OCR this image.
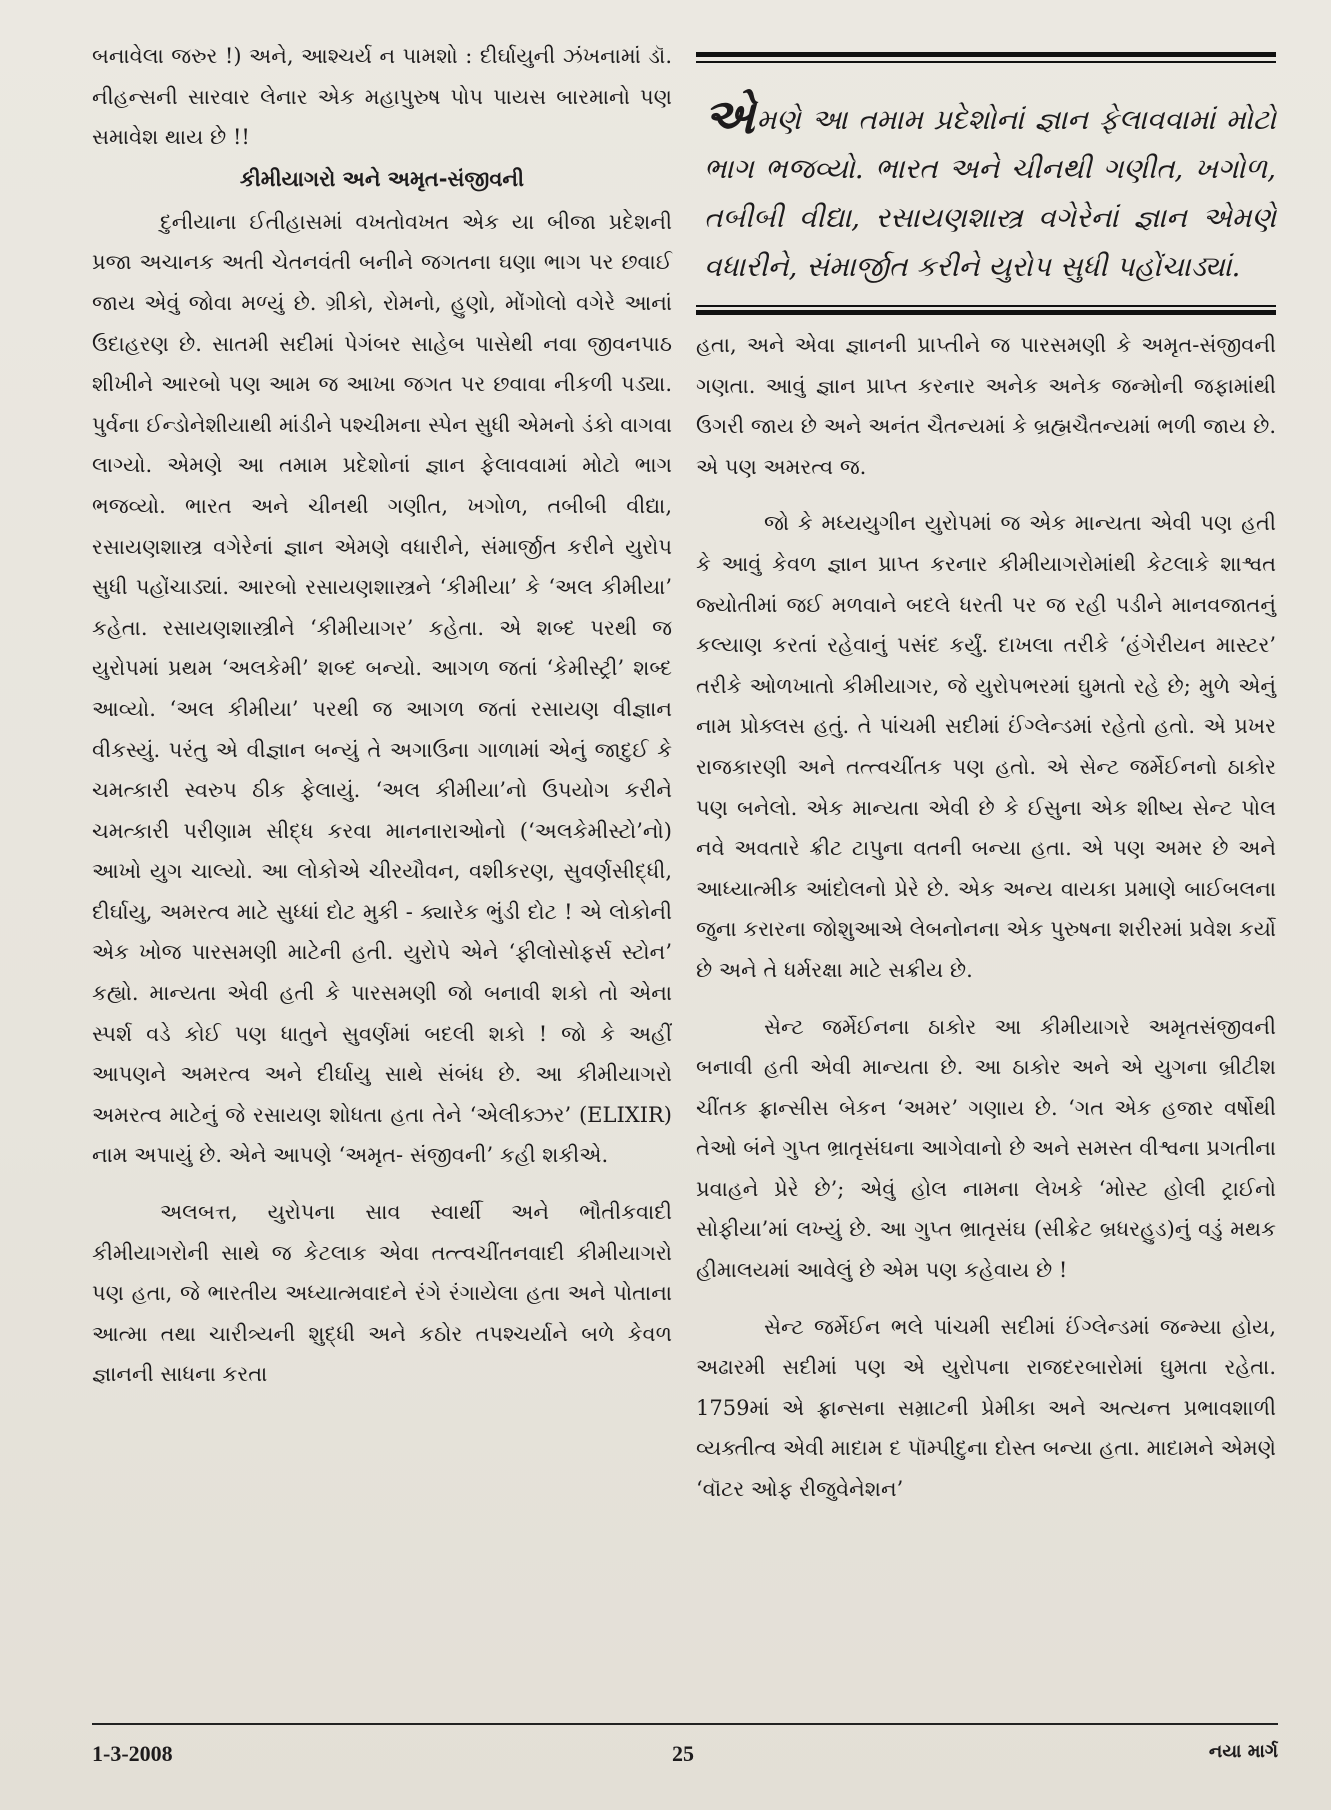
બનાવેલા જરુર !) અને, આશ્ચર્ય ન પામશો : દીર્ઘાયુની ઝંખનામાં ડૉ. નીહન્સની સારવાર લેનાર એક મહાપુરુષ પોપ પાયસ બારમાનો પણ સમાવેશ થાય છે !!

કીમીયાગરો અને અમૃત-સંજીવની

દુનીયાના ઈતીહાસમાં વખતોવખત એક યા બીજા પ્રદેશની પ્રજા અચાનક અતી ચેતનવંતી બનીને જગતના ઘણા ભાગ પર છવાઈ જાય એવું જોવા મળ્યું છે. ગ્રીકો, રોમનો, હુણો, મોંગોલો વગેરે આનાં ઉદાહરણ છે. સાતમી સદીમાં પેગંબર સાહેબ પાસેથી નવા જીવનપાઠ શીખીને આરબો પણ આમ જ આખા જગત પર છવાવા નીકળી પડ્યા. પુર્વના ઈન્ડોનેશીયાથી માંડીને પશ્ચીમના સ્પેન સુધી એમનો ડંકો વાગવા લાગ્યો. એમણે આ તમામ પ્રદેશોનાં જ્ઞાન ફેલાવવામાં મોટો ભાગ ભજવ્યો. ભારત અને ચીનથી ગણીત, ખગોળ, તબીબી વીદ્યા, રસાયણશાસ્ત્ર વગેરેનાં જ્ઞાન એમણે વધારીને, સંમાર્જીત કરીને યુરોપ સુધી પહોંચાડ્યાં. આરબો રસાયણશાસ્ત્રને ‘કીમીયા’ કે ‘અલ કીમીયા’ કહેતા. રસાયણશાસ્ત્રીને ‘કીમીયાગર’ કહેતા. એ શબ્દ પરથી જ યુરોપમાં પ્રથમ ‘અલકેમી’ શબ્દ બન્યો. આગળ જતાં ‘કેમીસ્ટ્રી’ શબ્દ આવ્યો. ‘અલ કીમીયા’ પરથી જ આગળ જતાં રસાયણ વીજ્ઞાન વીકસ્યું. પરંતુ એ વીજ્ઞાન બન્યું તે અગાઉના ગાળામાં એનું જાદુઈ કે ચમત્કારી સ્વરુપ ઠીક ફેલાયું. ‘અલ કીમીયા’નો ઉપયોગ કરીને ચમત્કારી પરીણામ સીદ્ધ કરવા માનનારાઓનો (‘અલકેમીસ્ટો’નો) આખો યુગ ચાલ્યો. આ લોકોએ ચીરયૌવન, વશીકરણ, સુવર્ણસીદ્ધી, દીર્ઘાયુ, અમરત્વ માટે સુધ્ધાં દોટ મુકી - ક્યારેક ભુંડી દોટ ! એ લોકોની એક ખોજ પારસમણી માટેની હતી. યુરોપે એને ‘ફીલોસોફર્સ સ્ટોન’ કહ્યો. માન્યતા એવી હતી કે પારસમણી જો બનાવી શકો તો એના સ્પર્શ વડે કોઈ પણ ધાતુને સુવર્ણમાં બદલી શકો ! જો કે અહીં આપણને અમરત્વ અને દીર્ઘાયુ સાથે સંબંધ છે. આ કીમીયાગરો અમરત્વ માટેનું જે રસાયણ શોધતા હતા તેને ‘એલીક્ઝર’ (ELIXIR) નામ અપાયું છે. એને આપણે ‘અમૃત- સંજીવની’ કહી શકીએ.

અલબત્ત, યુરોપના સાવ સ્વાર્થી અને ભૌતીકવાદી કીમીયાગરોની સાથે જ કેટલાક એવા તત્ત્વચીંતનવાદી કીમીયાગરો પણ હતા, જે ભારતીય અધ્યાત્મવાદને રંગે રંગાયેલા હતા અને પોતાના આત્મા તથા ચારીત્ર્યની શુદ્ધી અને કઠોર તપશ્ચર્યાને બળે કેવળ જ્ઞાનની સાધના કરતા

એમણે આ તમામ પ્રદેશોનાં જ્ઞાન ફેલાવવામાં મોટો ભાગ ભજવ્યો. ભારત અને ચીનથી ગણીત, ખગોળ, તબીબી વીદ્યા, રસાયણશાસ્ત્ર વગેરેનાં જ્ઞાન એમણે વધારીને, સંમાર્જીત કરીને યુરોપ સુધી પહોંચાડ્યાં.

હતા, અને એવા જ્ઞાનની પ્રાપ્તીને જ પારસમણી કે અમૃત-સંજીવની ગણતા. આવું જ્ઞાન પ્રાપ્ત કરનાર અનેક અનેક જન્મોની જફામાંથી ઉગરી જાય છે અને અનંત ચૈતન્યમાં કે બ્રહ્મચૈતન્યમાં ભળી જાય છે. એ પણ અમરત્વ જ.

જો કે મધ્યયુગીન યુરોપમાં જ એક માન્યતા એવી પણ હતી કે આવું કેવળ જ્ઞાન પ્રાપ્ત કરનાર કીમીયાગરોમાંથી કેટલાકે શાશ્વત જ્યોતીમાં જઈ મળવાને બદલે ધરતી પર જ રહી પડીને માનવજાતનું કલ્યાણ કરતાં રહેવાનું પસંદ કર્યું. દાખલા તરીકે ‘હંગેરીયન માસ્ટર’ તરીકે ઓળખાતો કીમીયાગર, જે યુરોપભરમાં ઘુમતો રહે છે; મુળે એનું નામ પ્રોક્લસ હતું. તે પાંચમી સદીમાં ઈંગ્લેન્ડમાં રહેતો હતો. એ પ્રખર રાજકારણી અને તત્ત્વચીંતક પણ હતો. એ સેન્ટ જર્મેઈનનો ઠાકોર પણ બનેલો. એક માન્યતા એવી છે કે ઈસુના એક શીષ્ય સેન્ટ પોલ નવે અવતારે ક્રીટ ટાપુના વતની બન્યા હતા. એ પણ અમર છે અને આધ્યાત્મીક આંદોલનો પ્રેરે છે. એક અન્ય વાયકા પ્રમાણે બાઈબલના જુના કરારના જોશુઆએ લેબનોનના એક પુરુષના શરીરમાં પ્રવેશ કર્યો છે અને તે ધર્મરક્ષા માટે સક્રીય છે.

સેન્ટ જર્મેઈનના ઠાકોર આ કીમીયાગરે અમૃતસંજીવની બનાવી હતી એવી માન્યતા છે. આ ઠાકોર અને એ યુગના બ્રીટીશ ચીંતક ફ્રાન્સીસ બેકન ‘અમર’ ગણાય છે. ‘ગત એક હજાર વર્ષોથી તેઓ બંને ગુપ્ત ભ્રાતૃસંઘના આગેવાનો છે અને સમસ્ત વીશ્વના પ્રગતીના પ્રવાહને પ્રેરે છે’; એવું હોલ નામના લેખકે ‘મોસ્ટ હોલી ટ્રાઈનો સોફીયા’માં લખ્યું છે. આ ગુપ્ત ભ્રાતૃસંઘ (સીક્રેટ બ્રધરહુડ)નું વડું મથક હીમાલયમાં આવેલું છે એમ પણ કહેવાય છે !

સેન્ટ જર્મેઈન ભલે પાંચમી સદીમાં ઈંગ્લેન્ડમાં જન્મ્યા હોય, અઢારમી સદીમાં પણ એ યુરોપના રાજદરબારોમાં ઘુમતા રહેતા. 1759માં એ ફ્રાન્સના સમ્રાટની પ્રેમીકા અને અત્યન્ત પ્રભાવશાળી વ્યક્તીત્વ એવી માદામ દ પૉમ્પીદુના દોસ્ત બન્યા હતા. માદામને એમણે ‘વૉટર ઓફ રીજુવેનેશન’

1-3-2008	25	નયા માર્ગ
